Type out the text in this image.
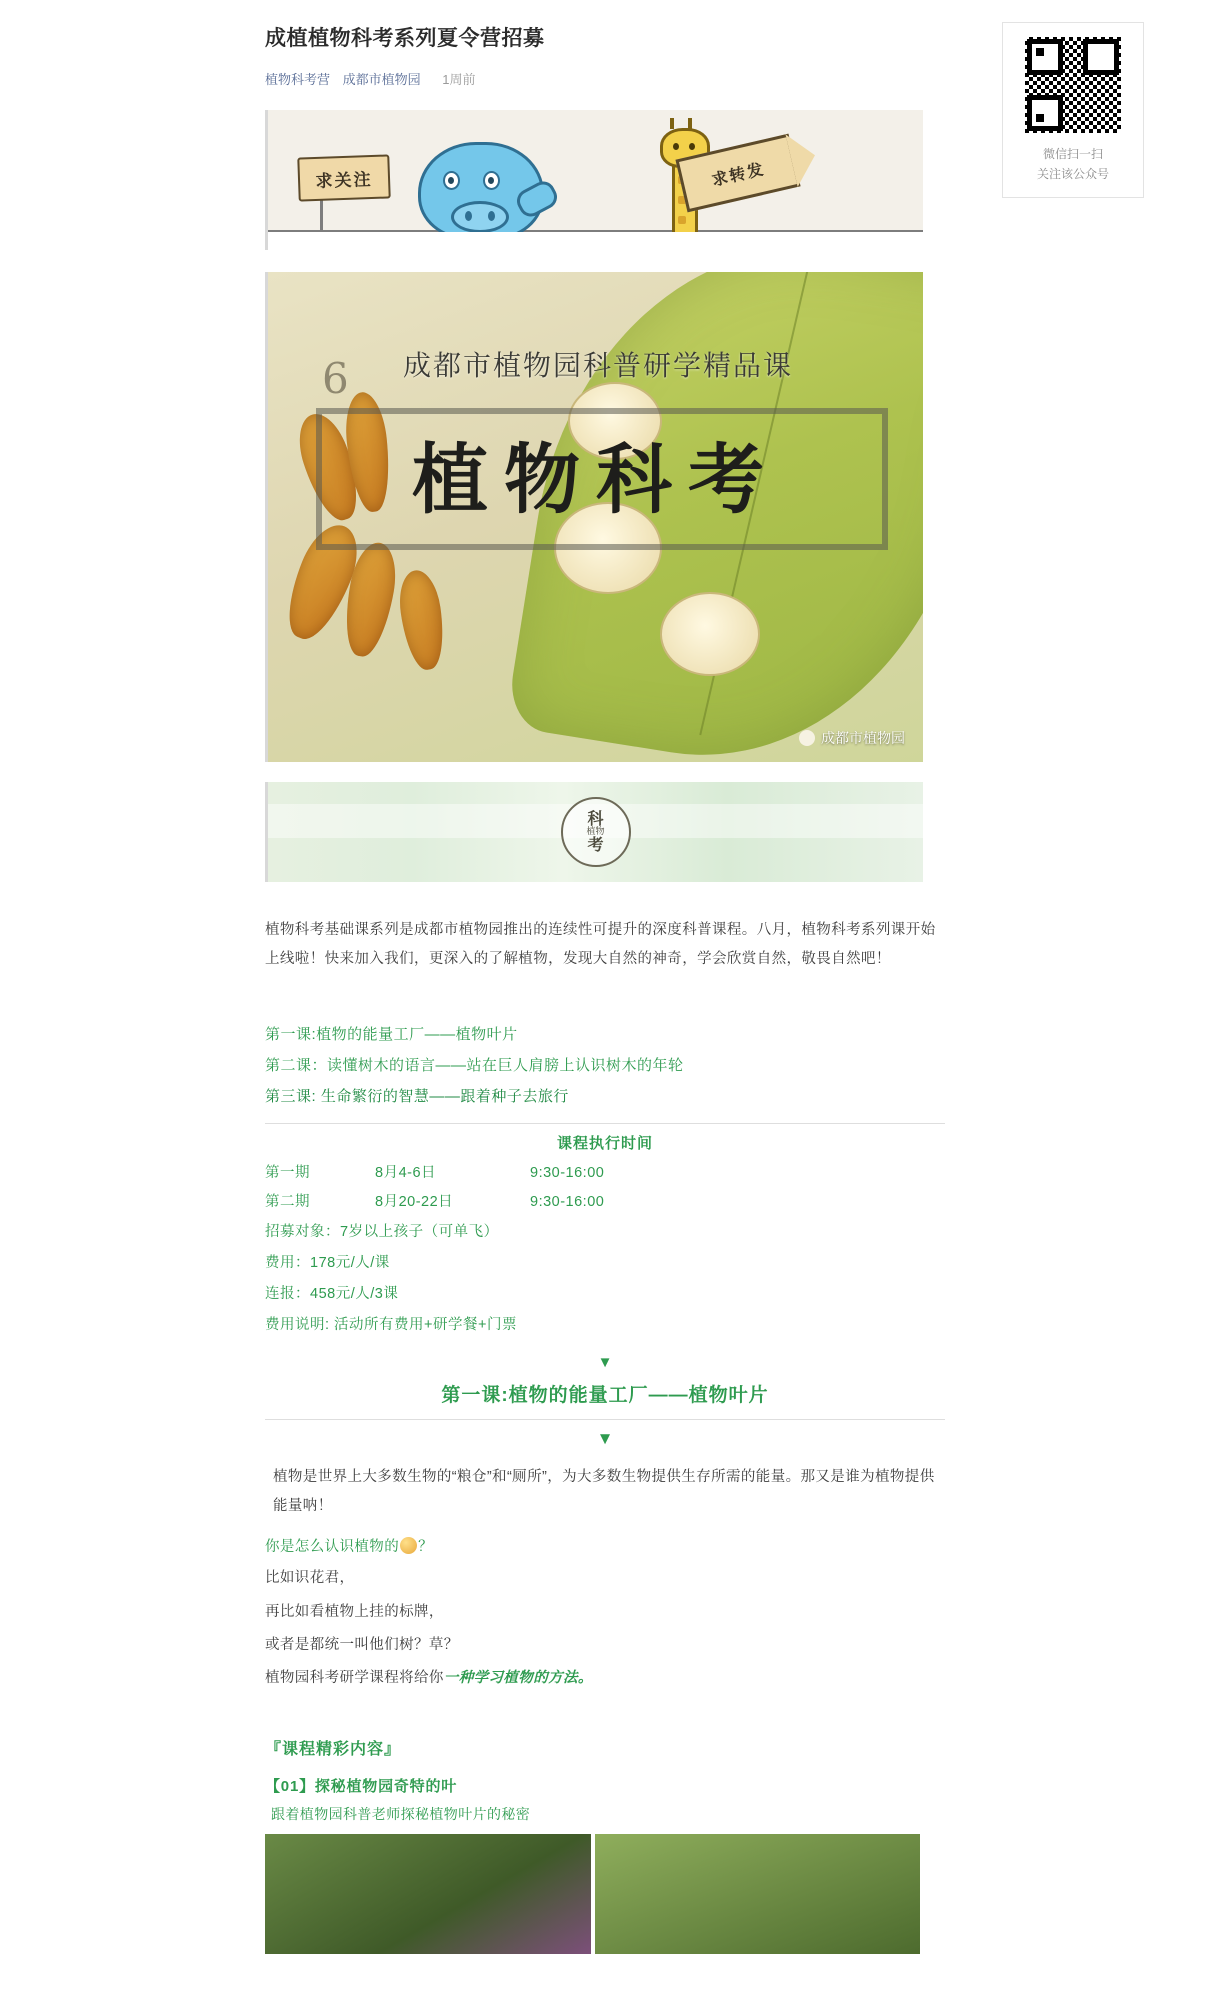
微信扫一扫
关注该公众号
成植植物科考系列夏令营招募
植物科考营 成都市植物园 1周前
求关注	求转发
6	成都市植物园科普研学精品课
植物科考
成都市植物园
科
植物
考
植物科考基础课系列是成都市植物园推出的连续性可提升的深度科普课程。八月，植物科考系列课开始上线啦！快来加入我们，更深入的了解植物，发现大自然的神奇，学会欣赏自然，敬畏自然吧！
第一课:植物的能量工厂——植物叶片
第二课：读懂树木的语言——站在巨人肩膀上认识树木的年轮
第三课: 生命繁衍的智慧——跟着种子去旅行
课程执行时间
第一期	8月4-6日	9:30-16:00
第二期	8月20-22日	9:30-16:00
招募对象：7岁以上孩子（可单飞）
费用：178元/人/课
连报：458元/人/3课
费用说明: 活动所有费用+研学餐+门票
▼
第一课:植物的能量工厂——植物叶片
▼
植物是世界上大多数生物的“粮仓”和“厕所”，为大多数生物提供生存所需的能量。那又是谁为植物提供能量呐！
你是怎么认识植物的 ？
比如识花君，
再比如看植物上挂的标牌，
或者是都统一叫他们树？草？
植物园科考研学课程将给你一种学习植物的方法。
『课程精彩内容』
【01】探秘植物园奇特的叶
跟着植物园科普老师探秘植物叶片的秘密
